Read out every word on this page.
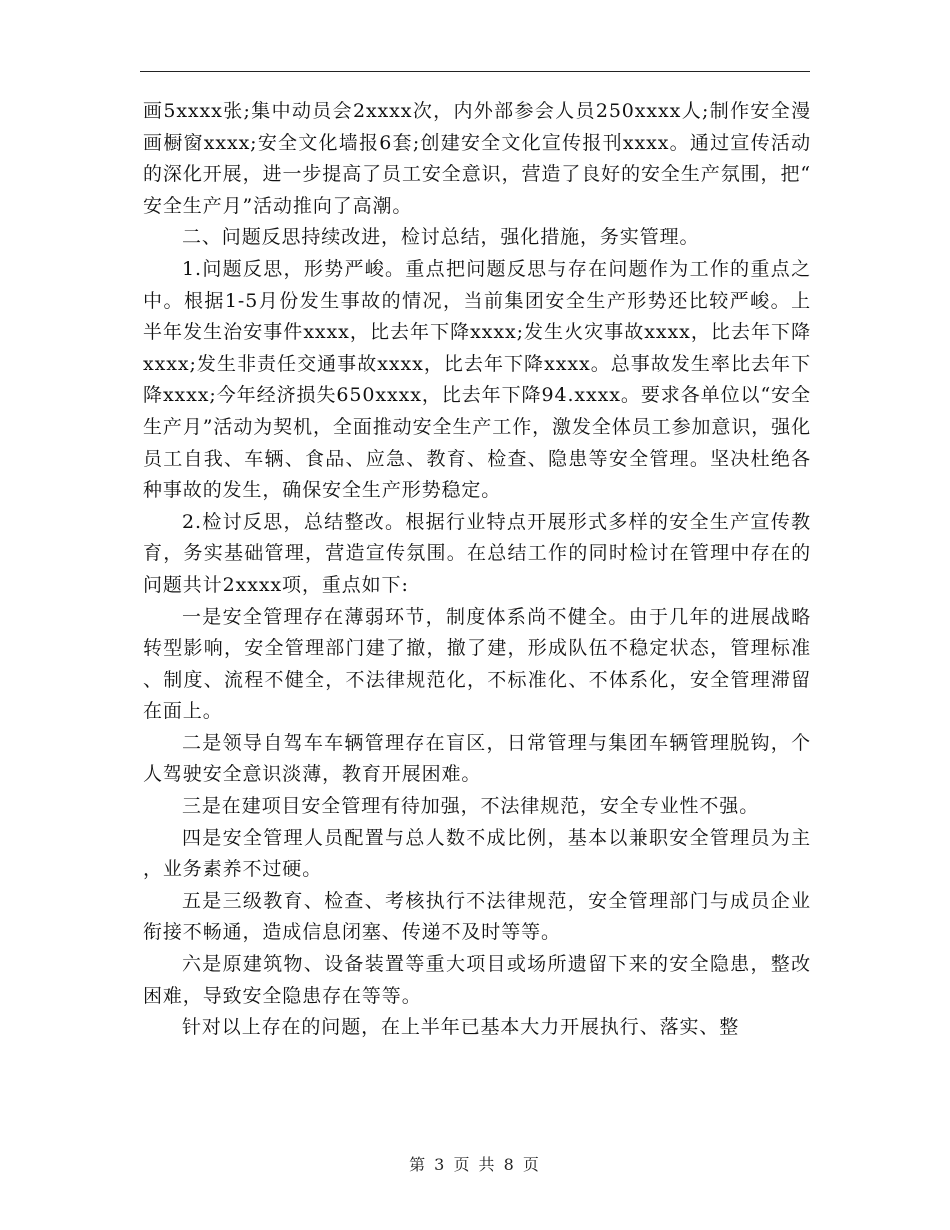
画5xxxx张;集中动员会2xxxx次，内外部参会人员250xxxx人;制作安全漫画橱窗xxxx;安全文化墙报6套;创建安全文化宣传报刊xxxx。通过宣传活动的深化开展，进一步提高了员工安全意识，营造了良好的安全生产氛围，把“安全生产月”活动推向了高潮。

二、问题反思持续改进，检讨总结，强化措施，务实管理。

1.问题反思，形势严峻。重点把问题反思与存在问题作为工作的重点之中。根据1-5月份发生事故的情况，当前集团安全生产形势还比较严峻。上半年发生治安事件xxxx，比去年下降xxxx;发生火灾事故xxxx，比去年下降xxxx;发生非责任交通事故xxxx，比去年下降xxxx。总事故发生率比去年下降xxxx;今年经济损失650xxxx，比去年下降94.xxxx。要求各单位以“安全生产月”活动为契机，全面推动安全生产工作，激发全体员工参加意识，强化员工自我、车辆、食品、应急、教育、检查、隐患等安全管理。坚决杜绝各种事故的发生，确保安全生产形势稳定。

2.检讨反思，总结整改。根据行业特点开展形式多样的安全生产宣传教育，务实基础管理，营造宣传氛围。在总结工作的同时检讨在管理中存在的问题共计2xxxx项，重点如下:

一是安全管理存在薄弱环节，制度体系尚不健全。由于几年的进展战略转型影响，安全管理部门建了撤，撤了建，形成队伍不稳定状态，管理标准、制度、流程不健全，不法律规范化，不标准化、不体系化，安全管理滞留在面上。

二是领导自驾车车辆管理存在盲区，日常管理与集团车辆管理脱钩，个人驾驶安全意识淡薄，教育开展困难。

三是在建项目安全管理有待加强，不法律规范，安全专业性不强。

四是安全管理人员配置与总人数不成比例，基本以兼职安全管理员为主，业务素养不过硬。

五是三级教育、检查、考核执行不法律规范，安全管理部门与成员企业衔接不畅通，造成信息闭塞、传递不及时等等。

六是原建筑物、设备装置等重大项目或场所遗留下来的安全隐患，整改困难，导致安全隐患存在等等。

针对以上存在的问题，在上半年已基本大力开展执行、落实、整

第 3 页 共 8 页
